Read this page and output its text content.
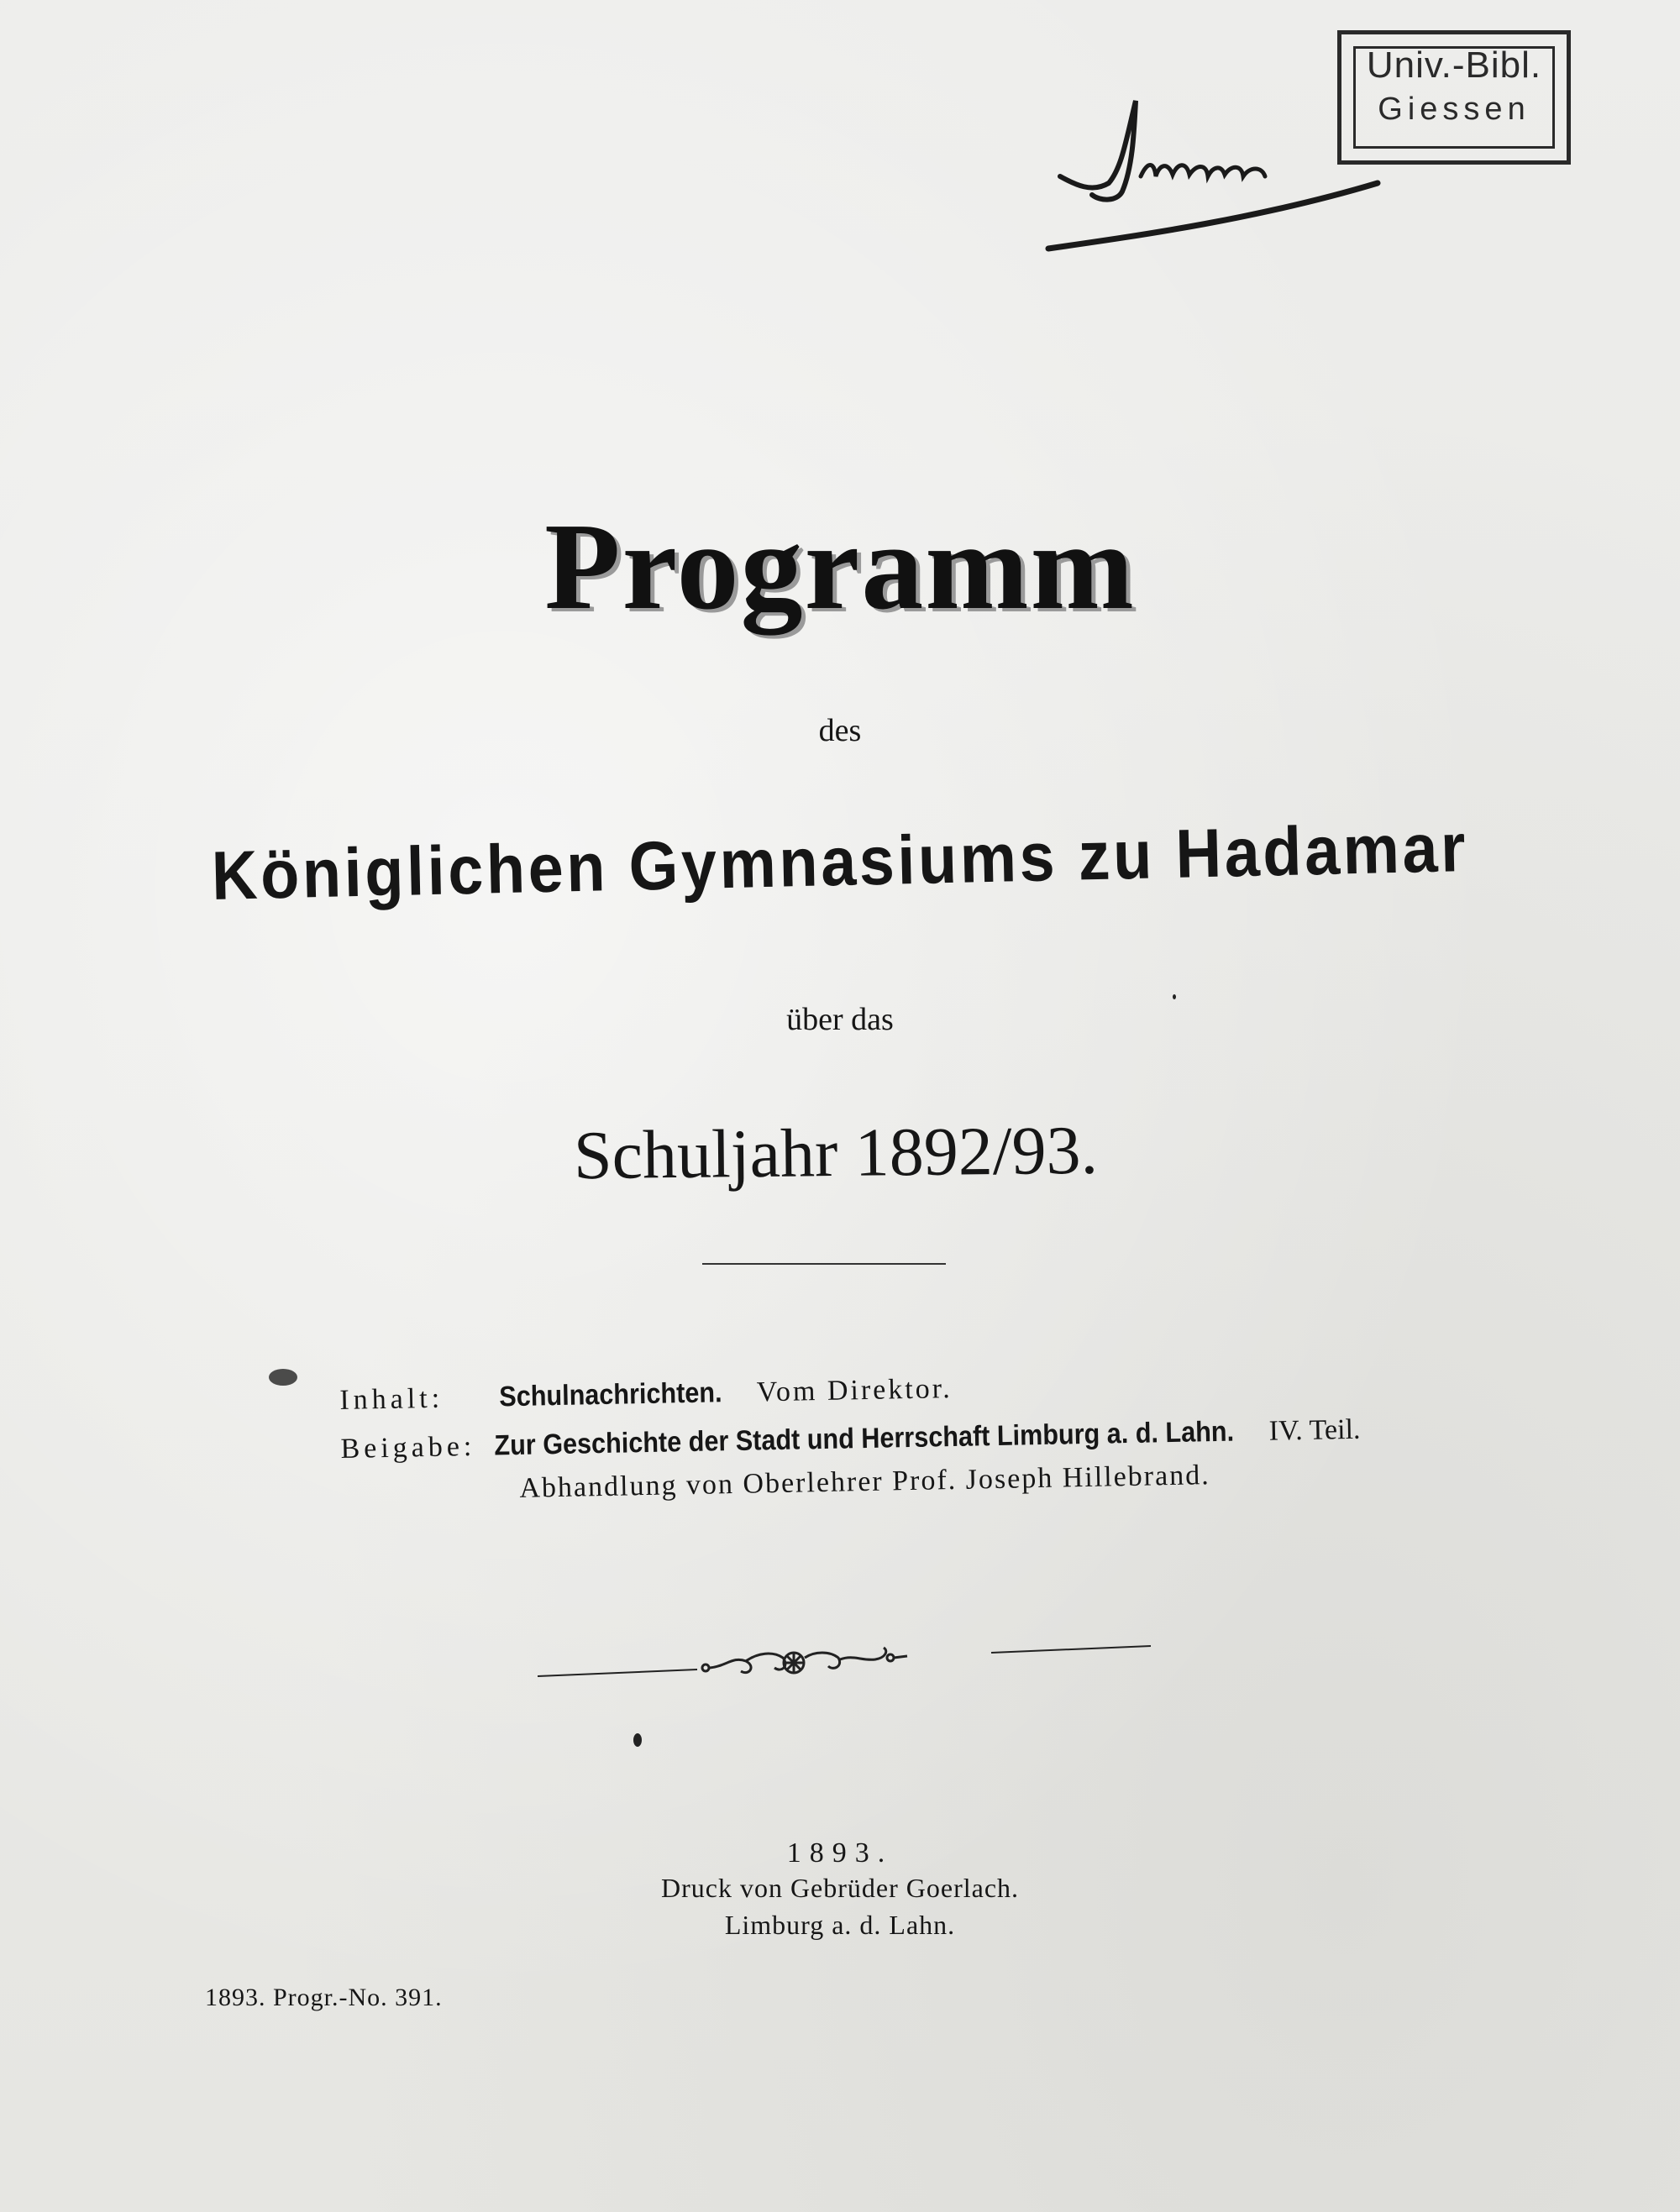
Univ.-Bibl.
Giessen
Programm
des
Königlichen Gymnasiums zu Hadamar
über das
Schuljahr 1892/93.
Inhalt: Schulnachrichten. Vom Direktor.
Beigabe: Zur Geschichte der Stadt und Herrschaft Limburg a. d. Lahn. IV. Teil.
Abhandlung von Oberlehrer Prof. Joseph Hillebrand.
1893.
Druck von Gebrüder Goerlach.
Limburg a. d. Lahn.
1893. Progr.-No. 391.
